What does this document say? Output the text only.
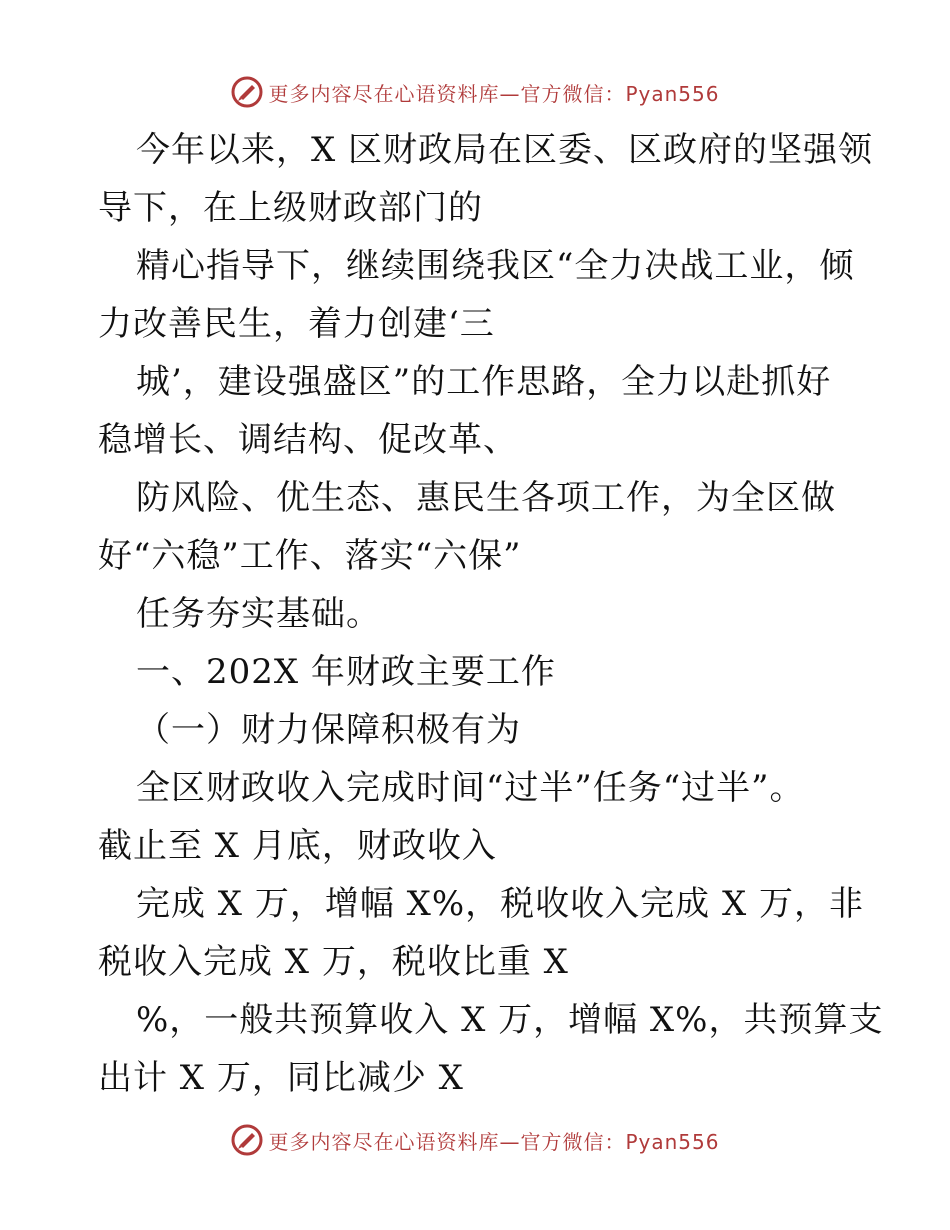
更多内容尽在心语资料库—官方微信：Pyan556
今年以来，X 区财政局在区委、区政府的坚强领
导下，在上级财政部门的
精心指导下，继续围绕我区“全力决战工业，倾
力改善民生，着力创建‘三
城’，建设强盛区”的工作思路，全力以赴抓好
稳增长、调结构、促改革、
防风险、优生态、惠民生各项工作，为全区做
好“六稳”工作、落实“六保”
任务夯实基础。
一、202X 年财政主要工作
（一）财力保障积极有为
全区财政收入完成时间“过半”任务“过半”。
截止至 X 月底，财政收入
完成 X 万，增幅 X%，税收收入完成 X 万，非
税收入完成 X 万，税收比重 X
%，一般共预算收入 X 万，增幅 X%，共预算支
出计 X 万，同比减少 X
更多内容尽在心语资料库—官方微信：Pyan556
